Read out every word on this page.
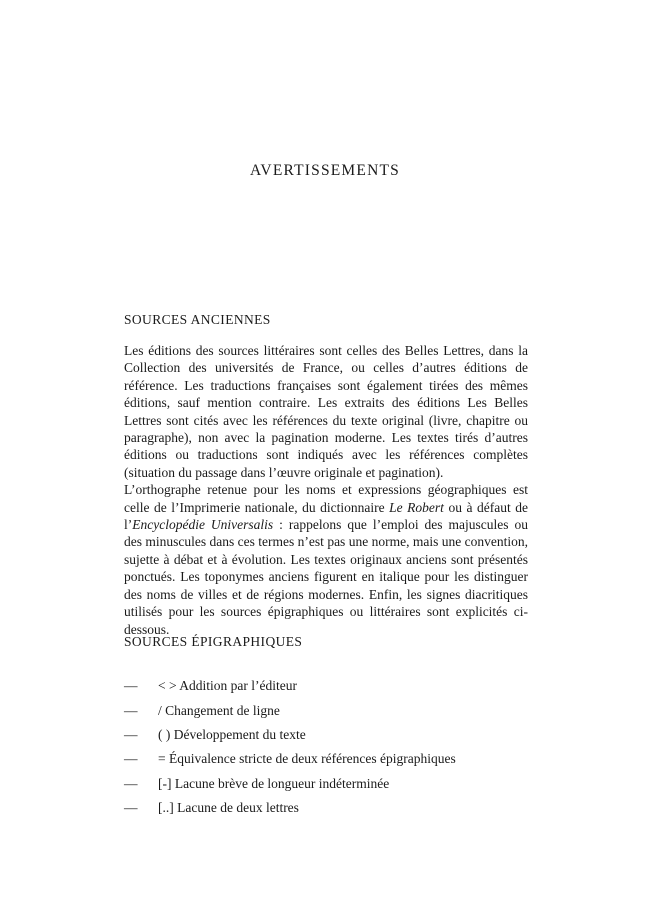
AVERTISSEMENTS
SOURCES ANCIENNES

Les éditions des sources littéraires sont celles des Belles Lettres, dans la Collection des universités de France, ou celles d’autres éditions de référence. Les traductions françaises sont également tirées des mêmes éditions, sauf mention contraire. Les extraits des éditions Les Belles Lettres sont cités avec les références du texte original (livre, chapitre ou paragraphe), non avec la pagination moderne. Les textes tirés d’autres éditions ou traductions sont indiqués avec les références complètes (situation du passage dans l’œuvre originale et pagination).

L’orthographe retenue pour les noms et expressions géographiques est celle de l’Imprimerie nationale, du dictionnaire Le Robert ou à défaut de l’Encyclopédie Universalis : rappelons que l’emploi des majuscules ou des minuscules dans ces termes n’est pas une norme, mais une convention, sujette à débat et à évolution. Les textes originaux anciens sont présentés ponctués. Les toponymes anciens figurent en italique pour les distinguer des noms de villes et de régions modernes. Enfin, les signes diacritiques utilisés pour les sources épigraphiques ou littéraires sont explicités ci-dessous.

SOURCES ÉPIGRAPHIQUES
—	< > Addition par l’éditeur
—	/ Changement de ligne
—	( ) Développement du texte
—	= Équivalence stricte de deux références épigraphiques
—	[-] Lacune brève de longueur indéterminée
—	[..] Lacune de deux lettres
